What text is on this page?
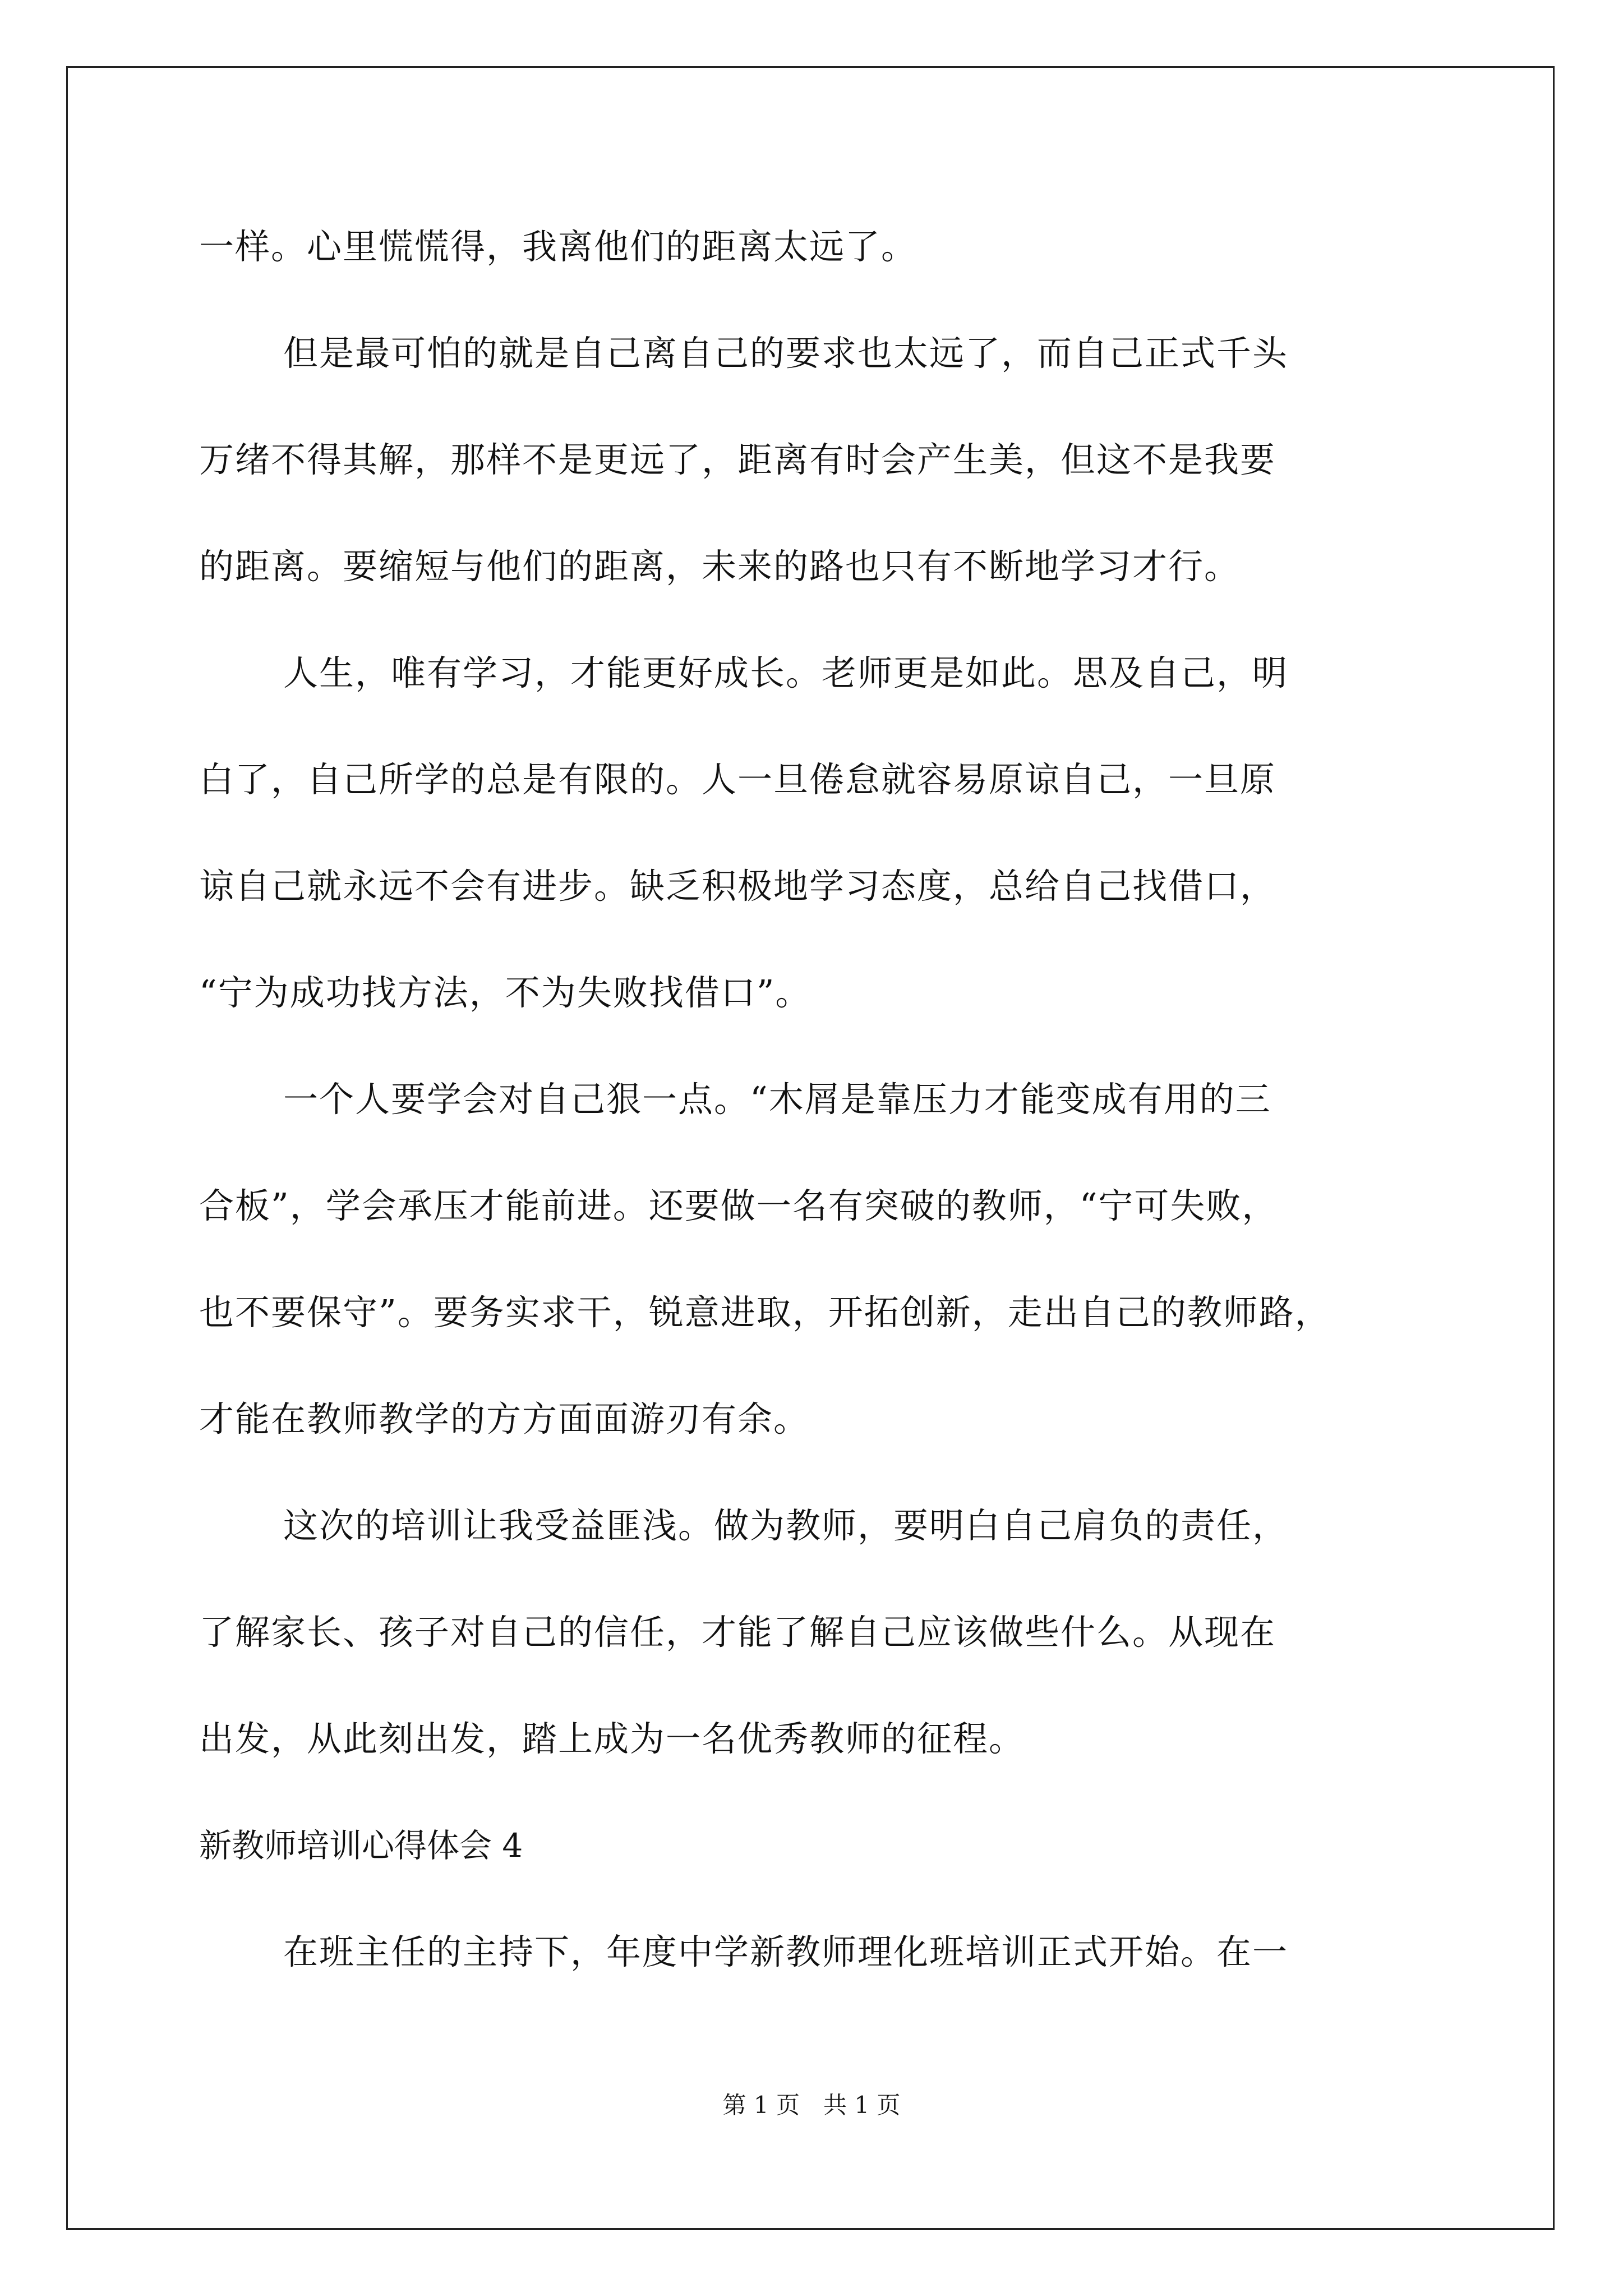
一样。心里慌慌得，我离他们的距离太远了。
但是最可怕的就是自己离自己的要求也太远了，而自己正式千头
万绪不得其解，那样不是更远了，距离有时会产生美，但这不是我要
的距离。要缩短与他们的距离，未来的路也只有不断地学习才行。
人生，唯有学习，才能更好成长。老师更是如此。思及自己，明
白了，自己所学的总是有限的。人一旦倦怠就容易原谅自己，一旦原
谅自己就永远不会有进步。缺乏积极地学习态度，总给自己找借口，
“宁为成功找方法，不为失败找借口”。
一个人要学会对自己狠一点。“木屑是靠压力才能变成有用的三
合板”，学会承压才能前进。还要做一名有突破的教师，“宁可失败，
也不要保守”。要务实求干，锐意进取，开拓创新，走出自己的教师路，
才能在教师教学的方方面面游刃有余。
这次的培训让我受益匪浅。做为教师，要明白自己肩负的责任，
了解家长、孩子对自己的信任，才能了解自己应该做些什么。从现在
出发，从此刻出发，踏上成为一名优秀教师的征程。
新教师培训心得体会 4
在班主任的主持下，年度中学新教师理化班培训正式开始。在一
第 1 页　共 1 页
